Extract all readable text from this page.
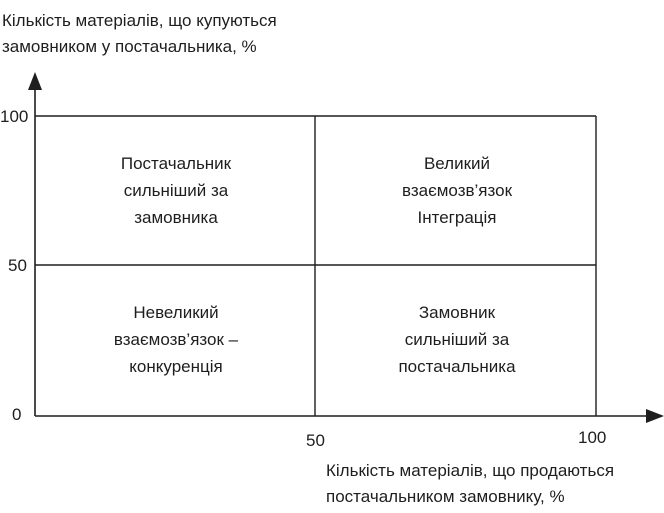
Кількість матеріалів, що купуються
замовником у постачальника, %
Кількість матеріалів, що продаються
постачальником замовнику, %
100
50
0
50	100
Постачальник
сильніший за
замовника
Великий
взаємозв’язок
Інтеграція
Невеликий
взаємозв’язок –
конкуренція
Замовник
сильніший за
постачальника
